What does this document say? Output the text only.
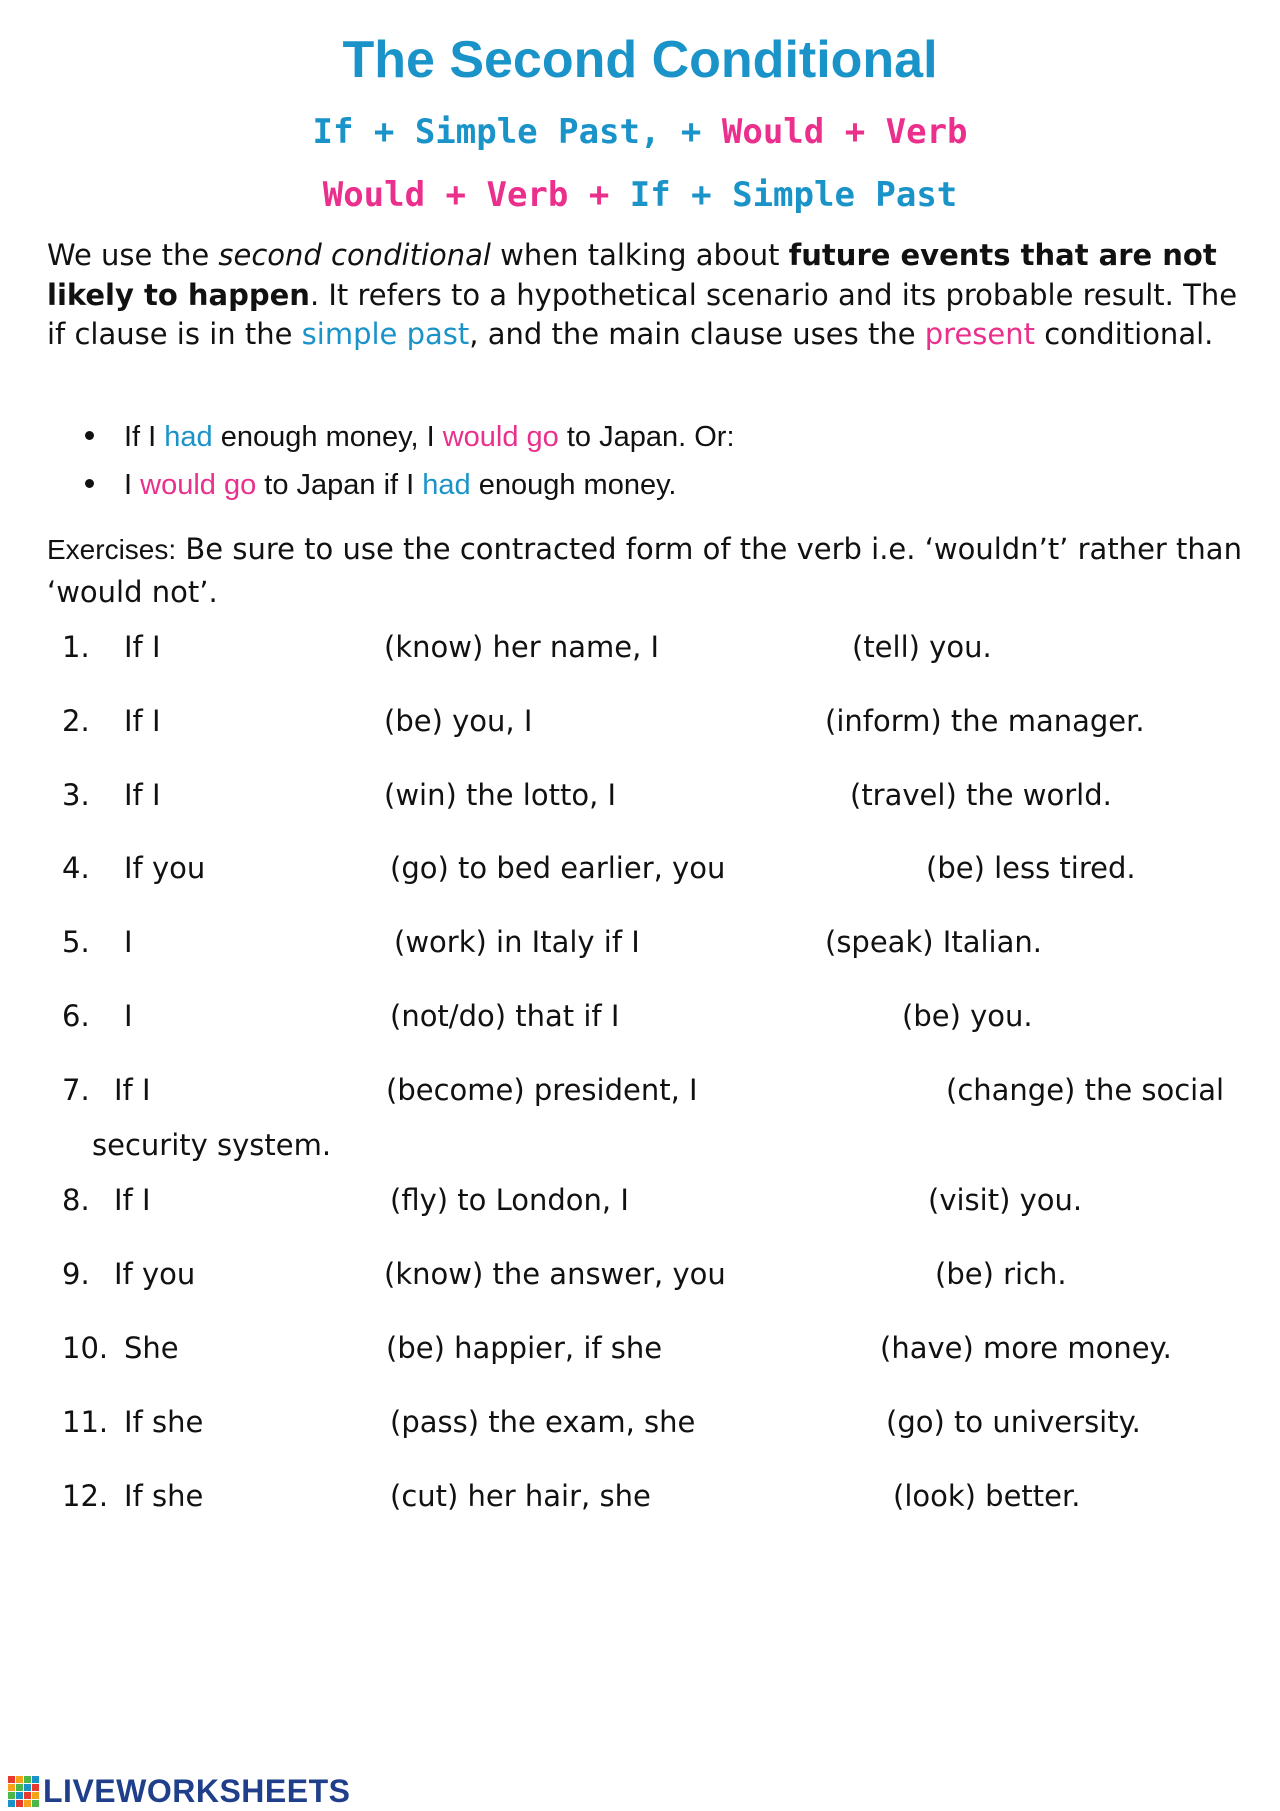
The Second Conditional
If + Simple Past, + Would + Verb
Would + Verb + If + Simple Past

We use the second conditional when talking about future events that are not likely to happen. It refers to a hypothetical scenario and its probable result. The if clause is in the simple past, and the main clause uses the present conditional.

If I had enough money, I would go to Japan. Or:
I would go to Japan if I had enough money.
Exercises: Be sure to use the contracted form of the verb i.e. ‘wouldn’t’ rather than ‘would not’.
1. If I	(know) her name, I	(tell) you.
2. If I	(be) you, I	(inform) the manager.
3. If I	(win) the lotto, I	(travel) the world.
4. If you	(go) to bed earlier, you	(be) less tired.
5. I	(work) in Italy if I	(speak) Italian.
6. I	(not/do) that if I	(be) you.
7. If I	(become) president, I	(change) the social
security system.
8. If I	(fly) to London, I	(visit) you.
9. If you	(know) the answer, you	(be) rich.
10. She	(be) happier, if she	(have) more money.
11. If she	(pass) the exam, she	(go) to university.
12. If she	(cut) her hair, she	(look) better.
LIVEWORKSHEETS
